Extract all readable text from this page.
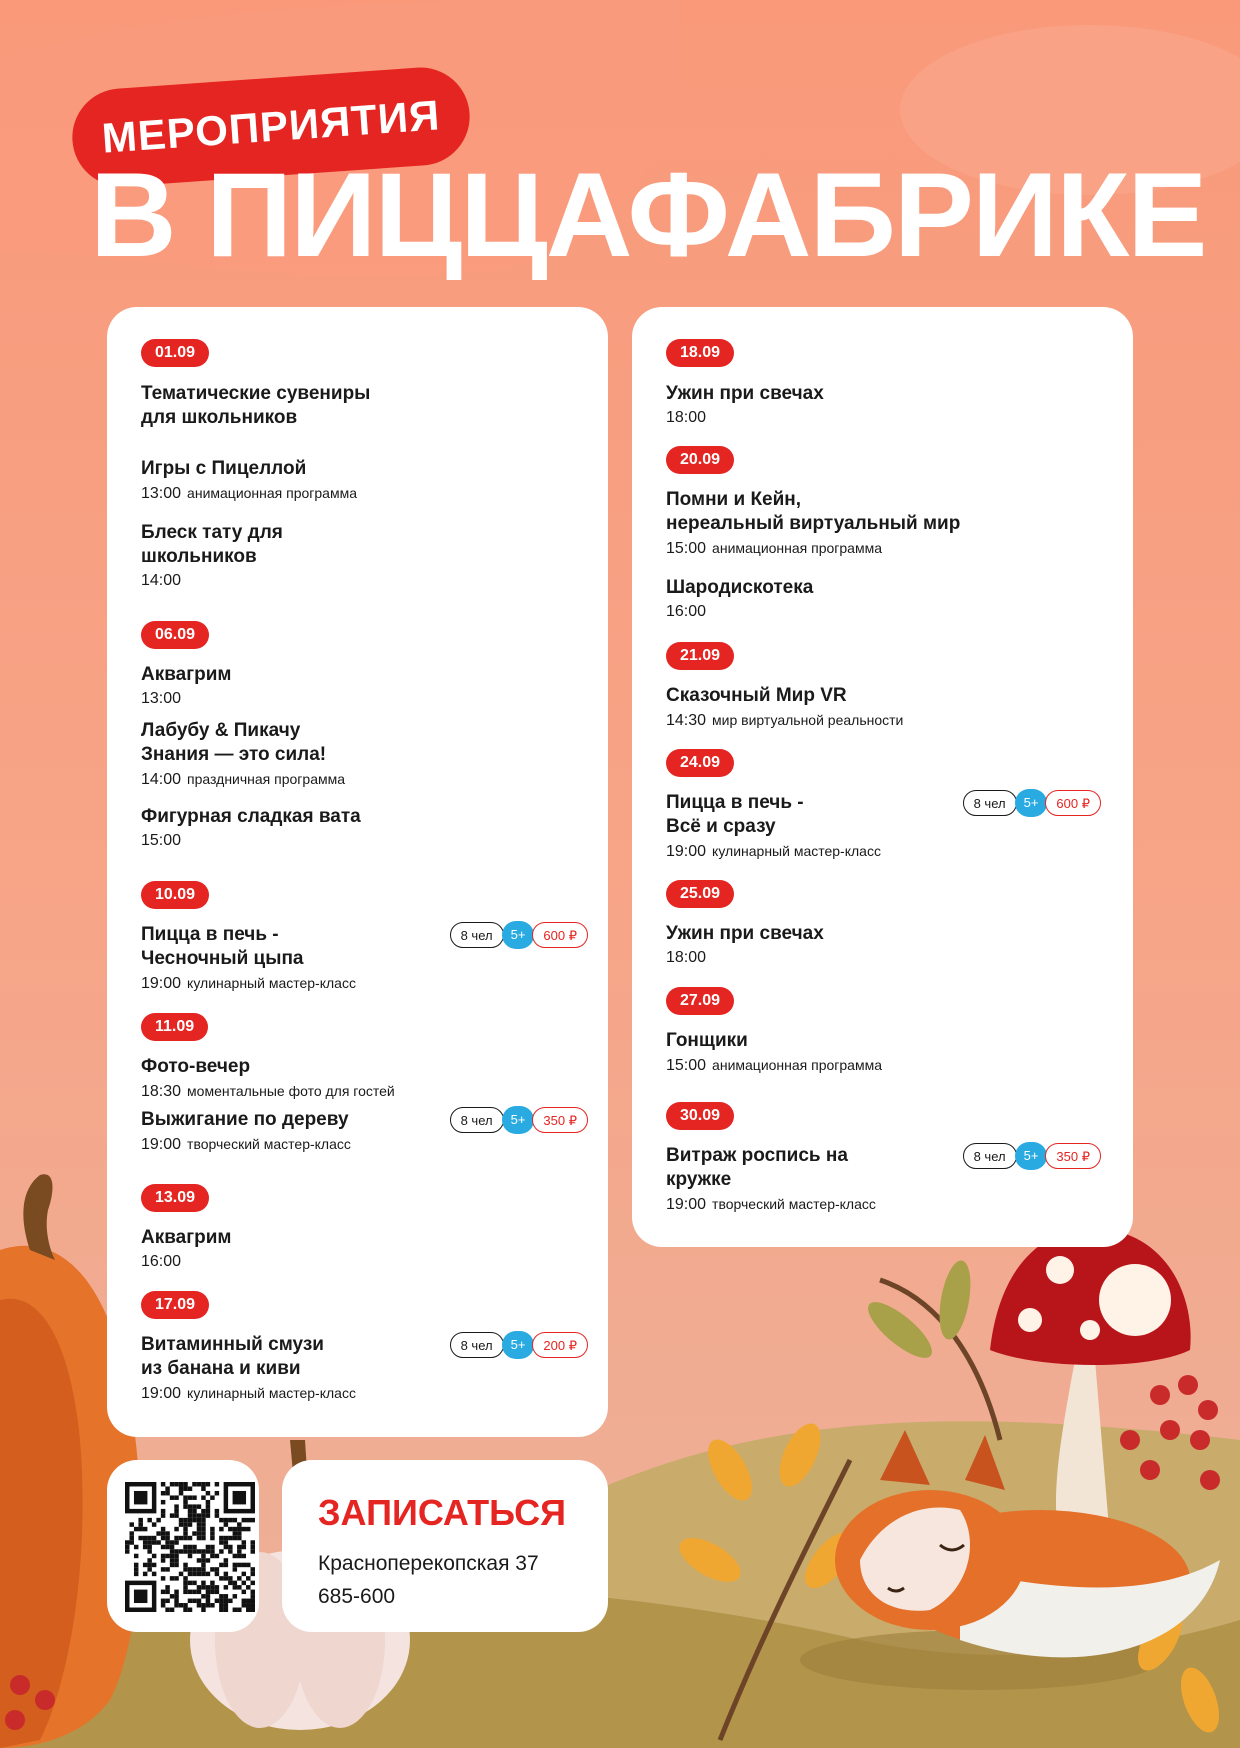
МЕРОПРИЯТИЯ
В ПИЦЦАФАБРИКЕ
01.09
Тематические сувениры
для школьников
Игры с Пицеллой
13:00 анимационная программа
Блеск тату для
школьников
14:00
06.09
Аквагрим
13:00
Лабубу & Пикачу
Знания — это сила!
14:00 праздничная программа
Фигурная сладкая вата
15:00
10.09
Пицца в печь -
Чесночный цыпа
19:00 кулинарный мастер-класс
8 чел	5+	600 ₽
11.09
Фото-вечер
18:30 моментальные фото для гостей
Выжигание по дереву
19:00 творческий мастер-класс
8 чел	5+	350 ₽
13.09
Аквагрим
16:00
17.09
Витаминный смузи
из банана и киви
19:00 кулинарный мастер-класс
8 чел	5+	200 ₽
18.09
Ужин при свечах
18:00
20.09
Помни и Кейн,
нереальный виртуальный мир
15:00 анимационная программа
Шародискотека
16:00
21.09
Сказочный Мир VR
14:30 мир виртуальной реальности
24.09
Пицца в печь -
Всё и сразу
19:00 кулинарный мастер-класс
8 чел	5+	600 ₽
25.09
Ужин при свечах
18:00
27.09
Гонщики
15:00 анимационная программа
30.09
Витраж роспись на
кружке
19:00 творческий мастер-класс
8 чел	5+	350 ₽
ЗАПИСАТЬСЯ
Красноперекопская 37
685-600
